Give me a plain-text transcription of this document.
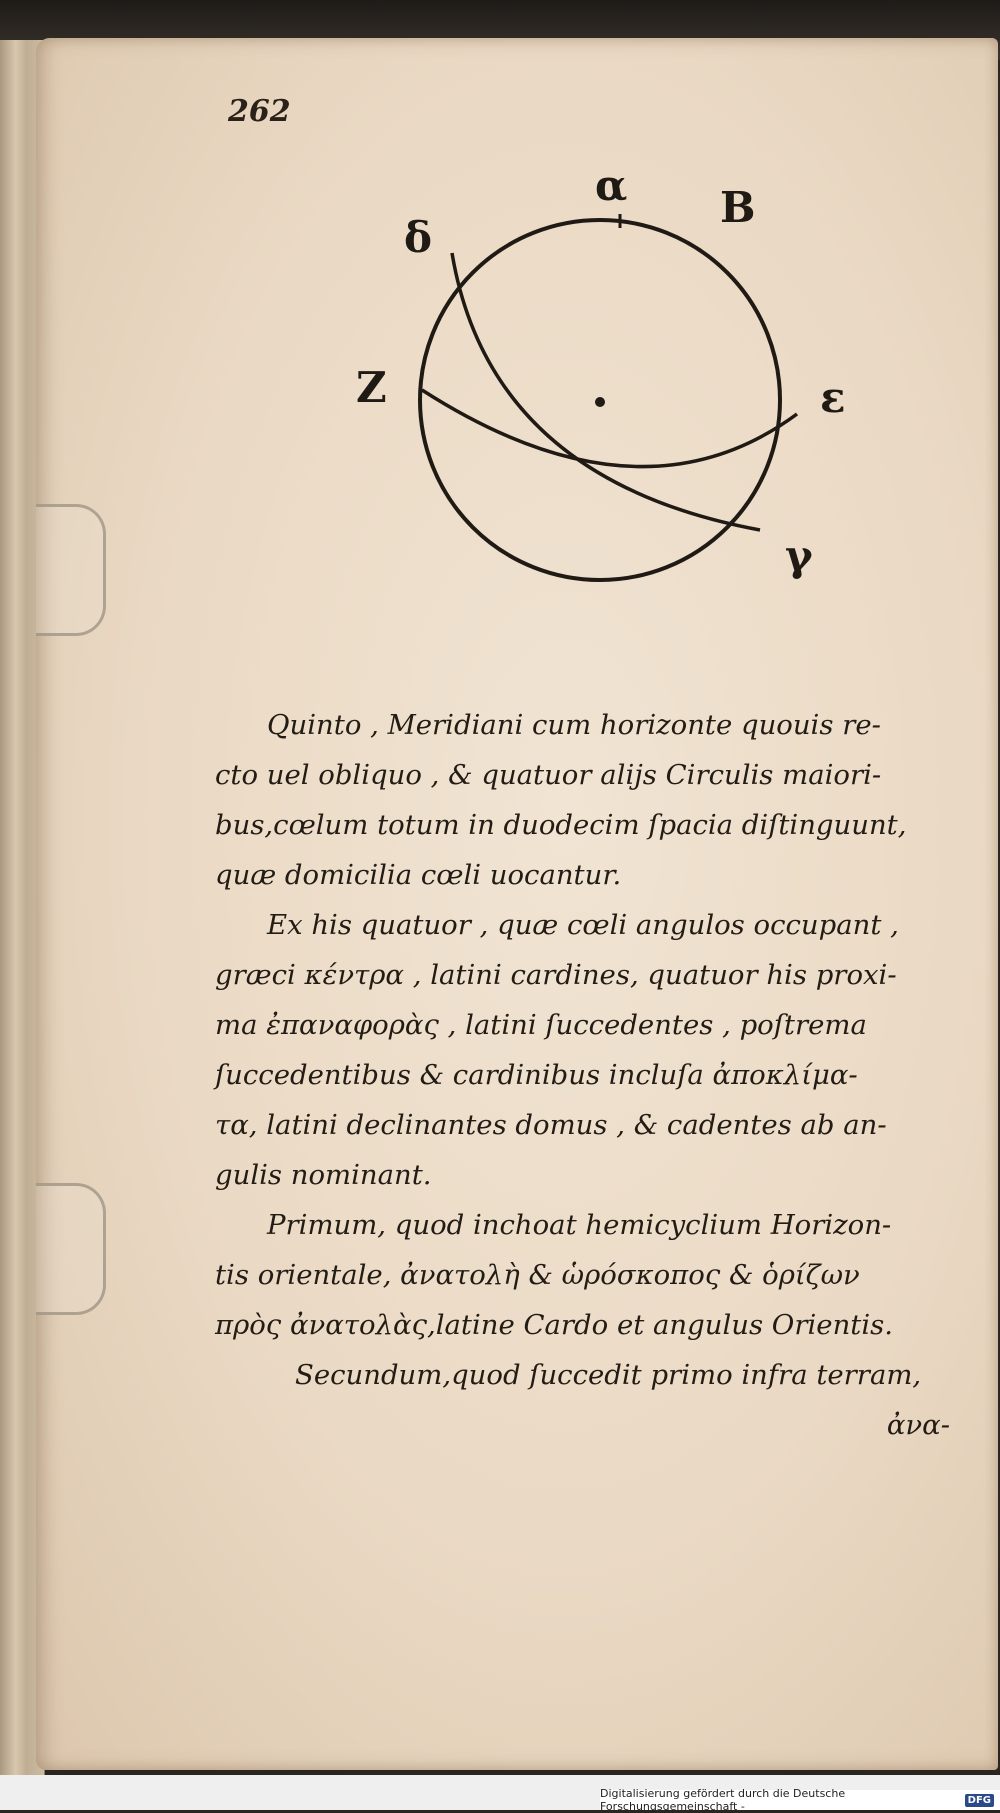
262
α B
δ
Ζ	ε
γ
Quinto , Meridiani cum horizonte quouis re-
cto uel obliquo , & quatuor alijs Circulis maiori-
bus,cœlum totum in duodecim ſpacia diſtinguunt,
quæ domicilia cœli uocantur.
Ex his quatuor , quæ cœli angulos occupant ,
græci κέντρα , latini cardines, quatuor his proxi-
ma ἐπαναφορὰς , latini ſuccedentes , poſtrema
ſuccedentibus & cardinibus incluſa ἀποκλίμα-
τα, latini declinantes domus , & cadentes ab an-
gulis nominant.
Primum, quod inchoat hemicyclium Horizon-
tis orientale, ἀνατολὴ & ὡρόσκοπος & ὁρίζων
πρὸς ἀνατολὰς,latine Cardo et angulus Orientis.
Secundum,quod ſuccedit primo infra terram,
ἀνα-
Digitalisierung gefördert durch die Deutsche Forschungsgemeinschaft -	DFG
